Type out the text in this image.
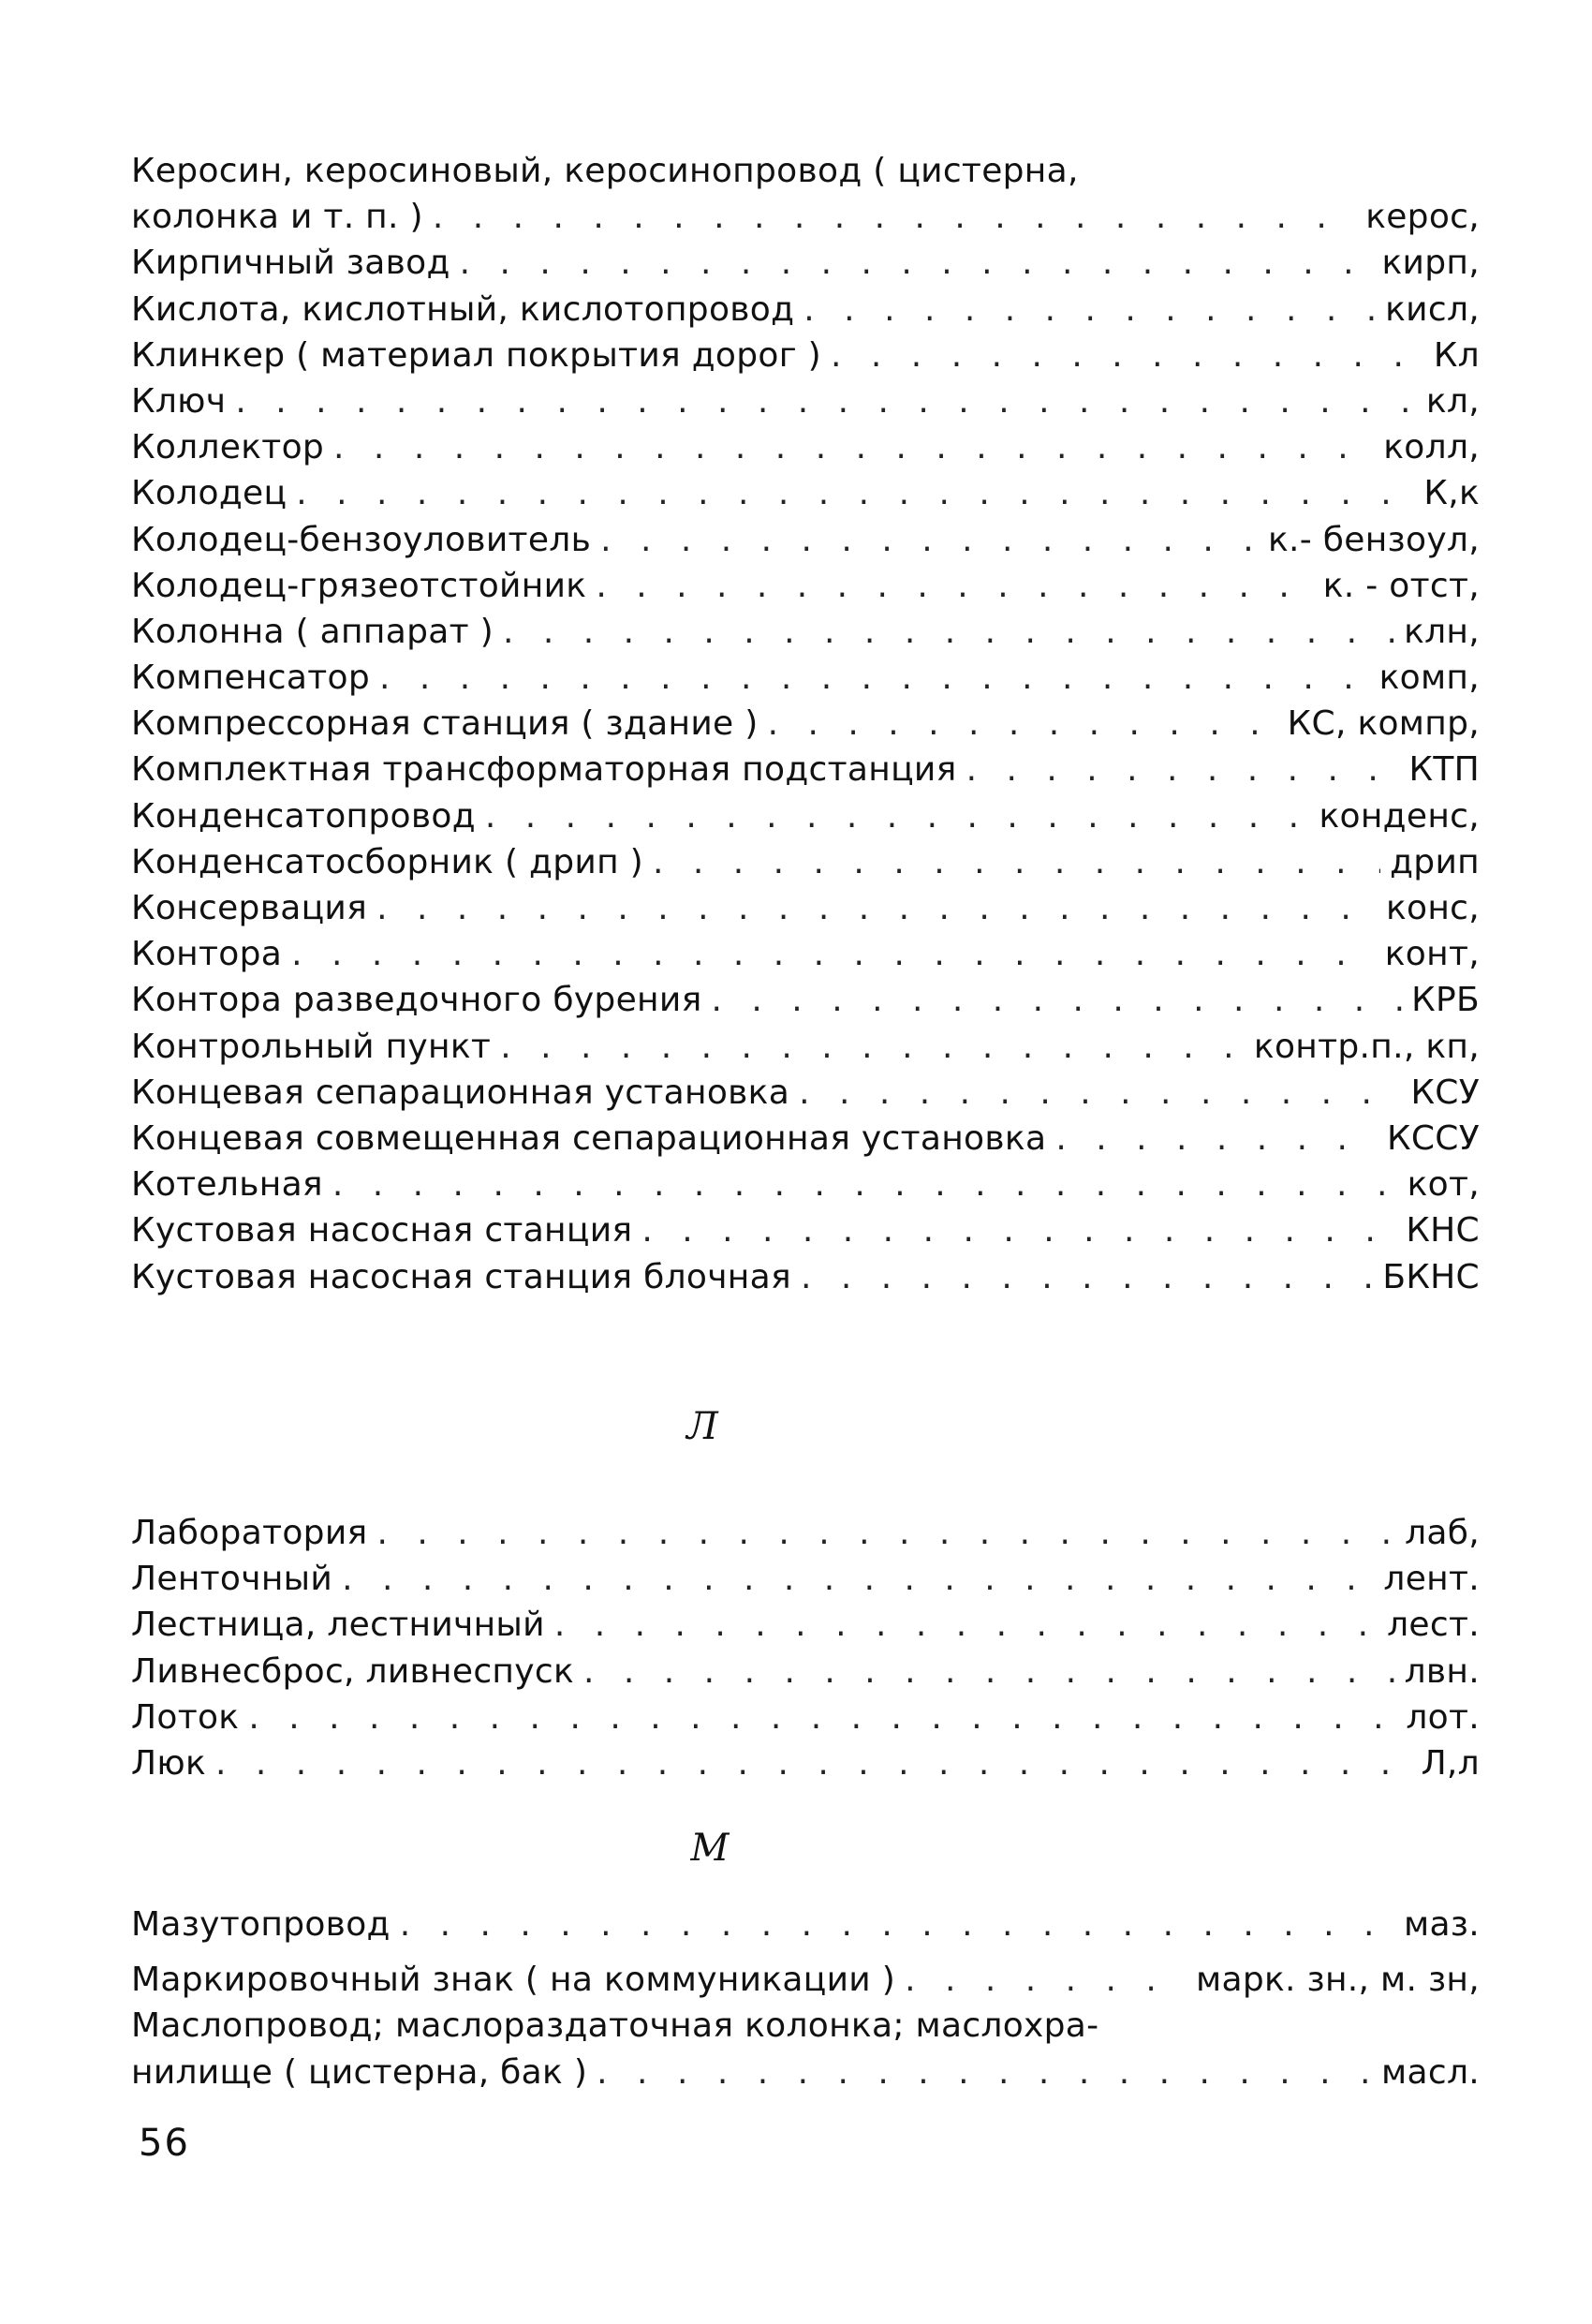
Керосин, керосиновый, керосинопровод ( цистерна,
колонка и т. п. ) . . .	керос,
Кирпичный завод . . .	кирп,
Кислота, кислотный, кислотопровод . . .	кисл,
Клинкер ( материал покрытия дорог ) . . .	Кл
Ключ . . .	кл,
Коллектор . . .	колл,
Колодец . . .	К,к
Колодец-бензоуловитель . . .	к.- бензоул,
Колодец-грязеотстойник . . .	к. - отст,
Колонна ( аппарат ) . . .	клн,
Компенсатор . . .	комп,
Компрессорная станция ( здание ) . . .	КС, компр,
Комплектная трансформаторная подстанция . . .	КТП
Конденсатопровод . . .	конденс,
Конденсатосборник ( дрип ) . . .	дрип
Консервация . . .	конс,
Контора . . .	конт,
Контора разведочного бурения . . .	КРБ
Контрольный пункт . . .	контр.п., кп,
Концевая сепарационная установка . . .	КСУ
Концевая совмещенная сепарационная установка . . .	КССУ
Котельная . . .	кот,
Кустовая насосная станция . . .	КНС
Кустовая насосная станция блочная . . .	БКНС
Л
Лаборатория . . .	лаб,
Ленточный . . .	лент.
Лестница, лестничный . . .	лест.
Ливнесброс, ливнеспуск . . .	лвн.
Лоток . . .	лот.
Люк . . .	Л,л
М
Мазутопровод . . .	маз.
Маркировочный знак ( на коммуникации ) . . .	марк. зн., м. зн,
Маслопровод; маслораздаточная колонка; маслохра-
нилище ( цистерна, бак ) . . .	масл.
56
